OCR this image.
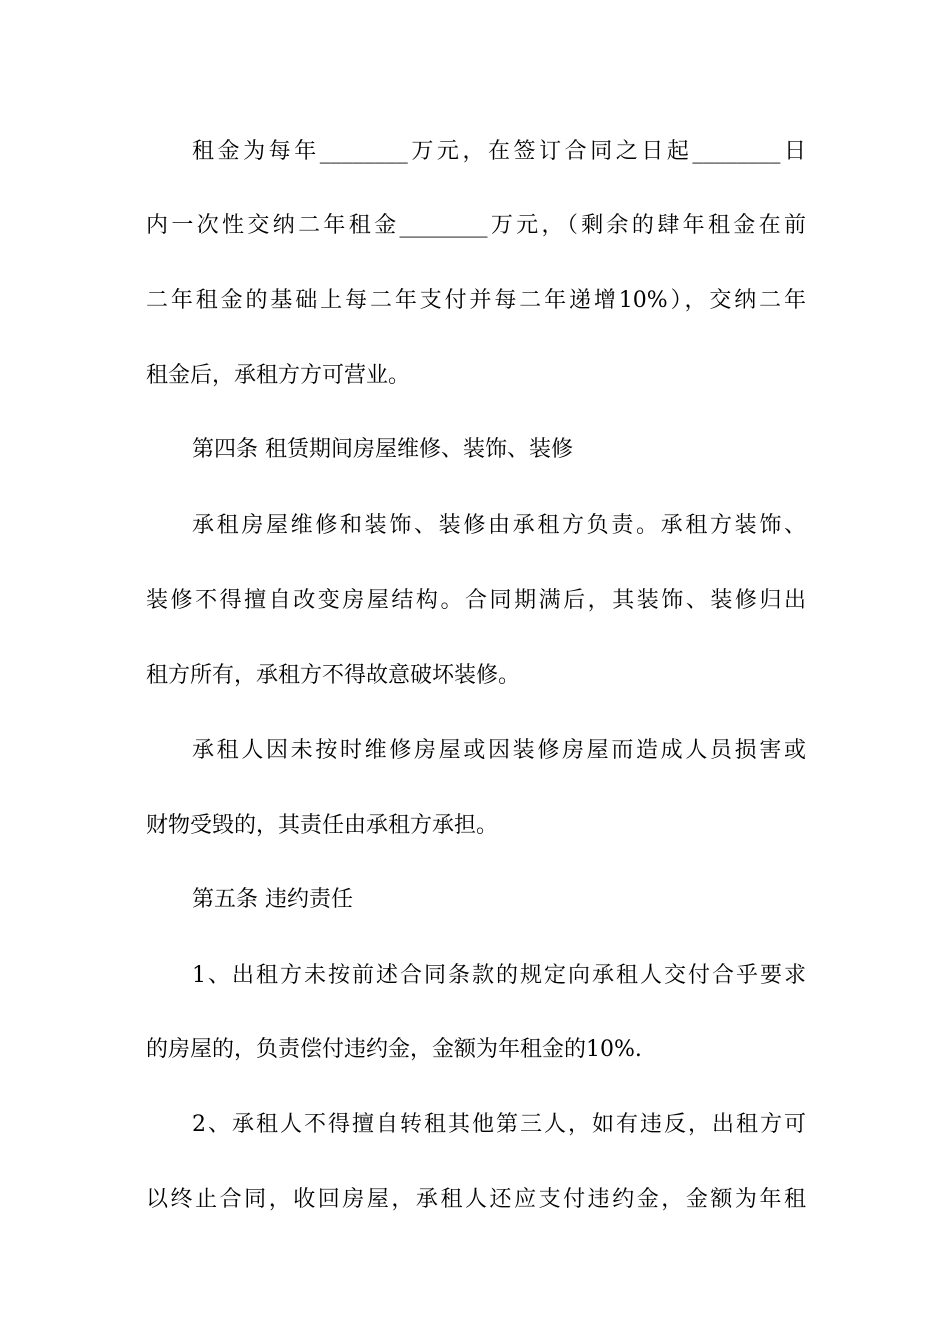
租金为每年________万元，在签订合同之日起________日
内一次性交纳二年租金________万元，（剩余的肆年租金在前
二年租金的基础上每二年支付并每二年递增10%），交纳二年
租金后，承租方方可营业。
第四条 租赁期间房屋维修、装饰、装修
承租房屋维修和装饰、装修由承租方负责。承租方装饰、
装修不得擅自改变房屋结构。合同期满后，其装饰、装修归出
租方所有，承租方不得故意破坏装修。
承租人因未按时维修房屋或因装修房屋而造成人员损害或
财物受毁的，其责任由承租方承担。
第五条 违约责任
1、出租方未按前述合同条款的规定向承租人交付合乎要求
的房屋的，负责偿付违约金，金额为年租金的10%.
2、承租人不得擅自转租其他第三人，如有违反，出租方可
以终止合同，收回房屋，承租人还应支付违约金，金额为年租
